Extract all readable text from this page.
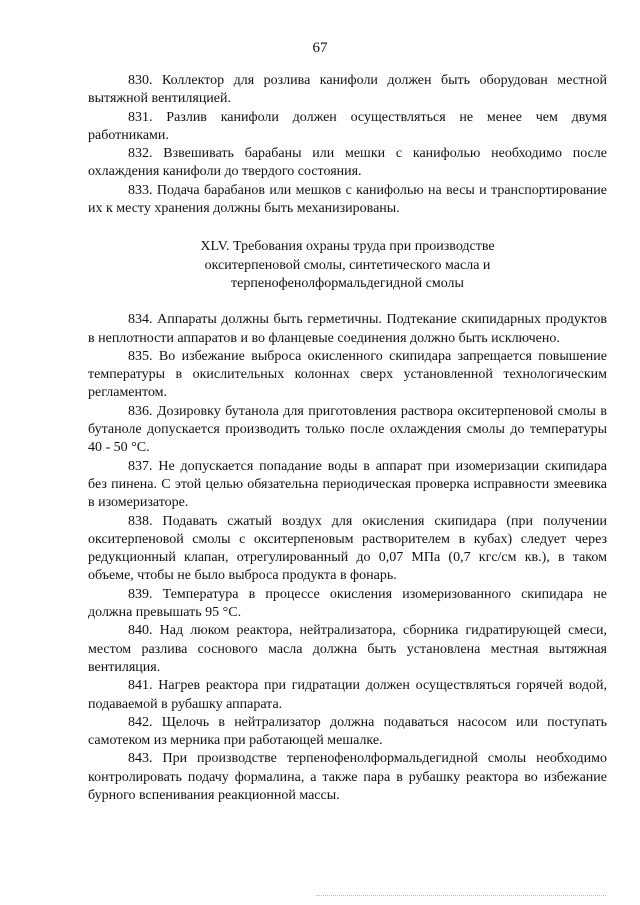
67

830. Коллектор для розлива канифоли должен быть оборудован местной вытяжной вентиляцией.

831. Разлив канифоли должен осуществляться не менее чем двумя работниками.

832. Взвешивать барабаны или мешки с канифолью необходимо после охлаждения канифоли до твердого состояния.

833. Подача барабанов или мешков с канифолью на весы и транспортирование их к месту хранения должны быть механизированы.

XLV. Требования охраны труда при производстве
окситерпеновой смолы, синтетического масла и
терпенофенолформальдегидной смолы

834. Аппараты должны быть герметичны. Подтекание скипидарных продуктов в неплотности аппаратов и во фланцевые соединения должно быть исключено.

835. Во избежание выброса окисленного скипидара запрещается повышение температуры в окислительных колоннах сверх установленной технологическим регламентом.

836. Дозировку бутанола для приготовления раствора окситерпеновой смолы в бутаноле допускается производить только после охлаждения смолы до температуры 40 - 50 °С.

837. Не допускается попадание воды в аппарат при изомеризации скипидара без пинена. С этой целью обязательна периодическая проверка исправности змеевика в изомеризаторе.

838. Подавать сжатый воздух для окисления скипидара (при получении окситерпеновой смолы с окситерпеновым растворителем в кубах) следует через редукционный клапан, отрегулированный до 0,07 МПа (0,7 кгс/см кв.), в таком объеме, чтобы не было выброса продукта в фонарь.

839. Температура в процессе окисления изомеризованного скипидара не должна превышать 95 °С.

840. Над люком реактора, нейтрализатора, сборника гидратирующей смеси, местом разлива соснового масла должна быть установлена местная вытяжная вентиляция.

841. Нагрев реактора при гидратации должен осуществляться горячей водой, подаваемой в рубашку аппарата.

842. Щелочь в нейтрализатор должна подаваться насосом или поступать самотеком из мерника при работающей мешалке.

843. При производстве терпенофенолформальдегидной смолы необходимо контролировать подачу формалина, а также пара в рубашку реактора во избежание бурного вспенивания реакционной массы.
